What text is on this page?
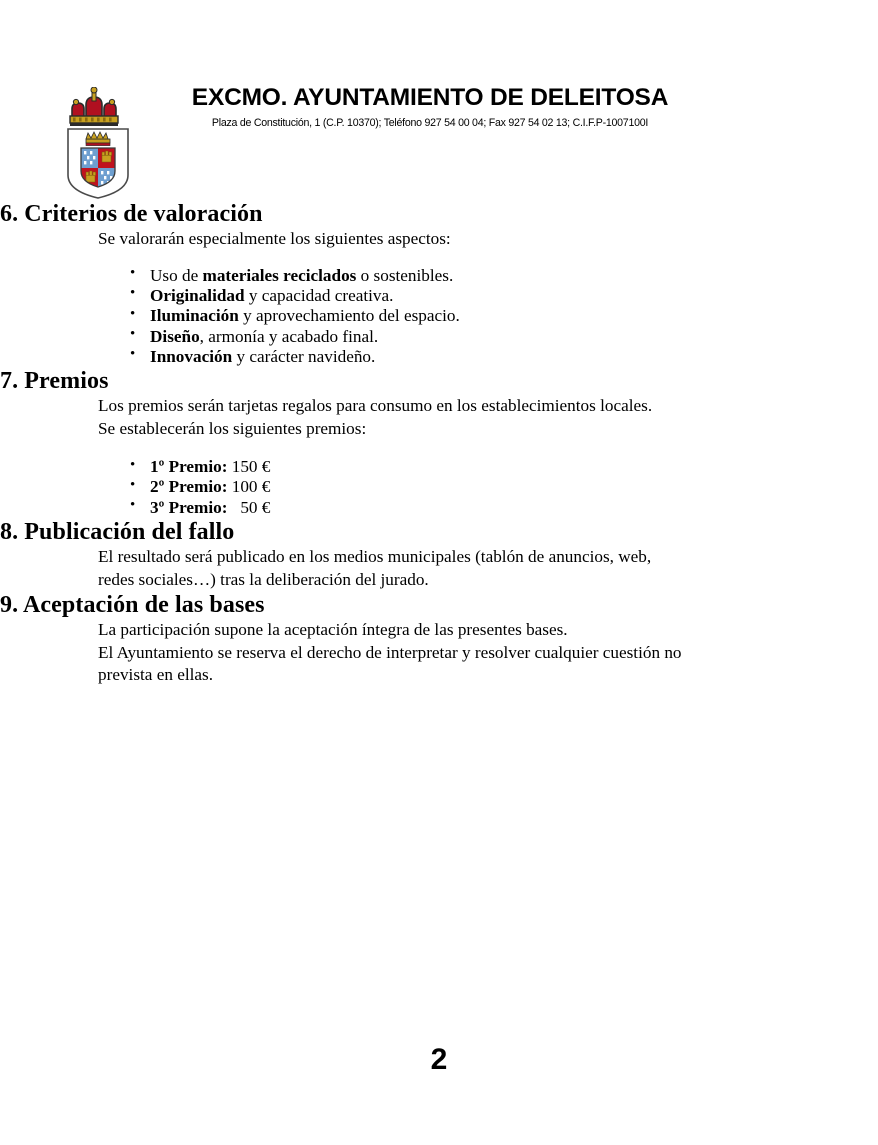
EXCMO. AYUNTAMIENTO DE DELEITOSA
Plaza de Constitución, 1 (C.P. 10370); Teléfono 927 54 00 04; Fax 927 54 02 13; C.I.F.P-1007100I
6. Criterios de valoración

Se valorarán especialmente los siguientes aspectos:

• Uso de materiales reciclados o sostenibles.
• Originalidad y capacidad creativa.
• Iluminación y aprovechamiento del espacio.
• Diseño, armonía y acabado final.
• Innovación y carácter navideño.
7. Premios

Los premios serán tarjetas regalos para consumo en los establecimientos locales.

Se establecerán los siguientes premios:

• 1º Premio: 150 €
• 2º Premio: 100 €
• 3º Premio:   50 €
8. Publicación del fallo

El resultado será publicado en los medios municipales (tablón de anuncios, web, redes sociales…) tras la deliberación del jurado.

9. Aceptación de las bases

La participación supone la aceptación íntegra de las presentes bases.

El Ayuntamiento se reserva el derecho de interpretar y resolver cualquier cuestión no prevista en ellas.

2
